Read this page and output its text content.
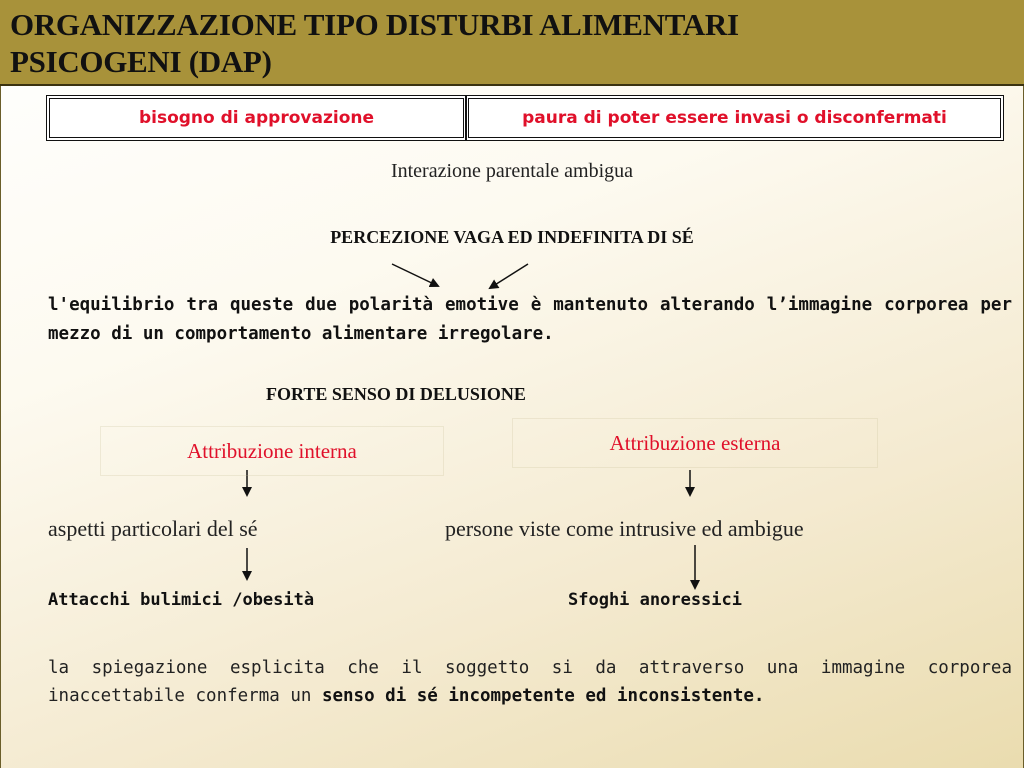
ORGANIZZAZIONE TIPO DISTURBI ALIMENTARI
PSICOGENI (DAP)
bisogno di approvazione	paura di poter essere invasi o disconfermati

Interazione parentale ambigua

PERCEZIONE VAGA ED INDEFINITA DI SÉ

l'equilibrio tra queste due polarità emotive è mantenuto alterando l’immagine corporea per mezzo di un comportamento alimentare irregolare.

FORTE SENSO DI DELUSIONE

Attribuzione interna	Attribuzione esterna

aspetti particolari del sé	persone viste come intrusive ed ambigue

Attacchi bulimici /obesità	Sfoghi anoressici

la spiegazione esplicita che il soggetto si da attraverso una immagine corporea inaccettabile conferma un senso di sé incompetente ed inconsistente.
